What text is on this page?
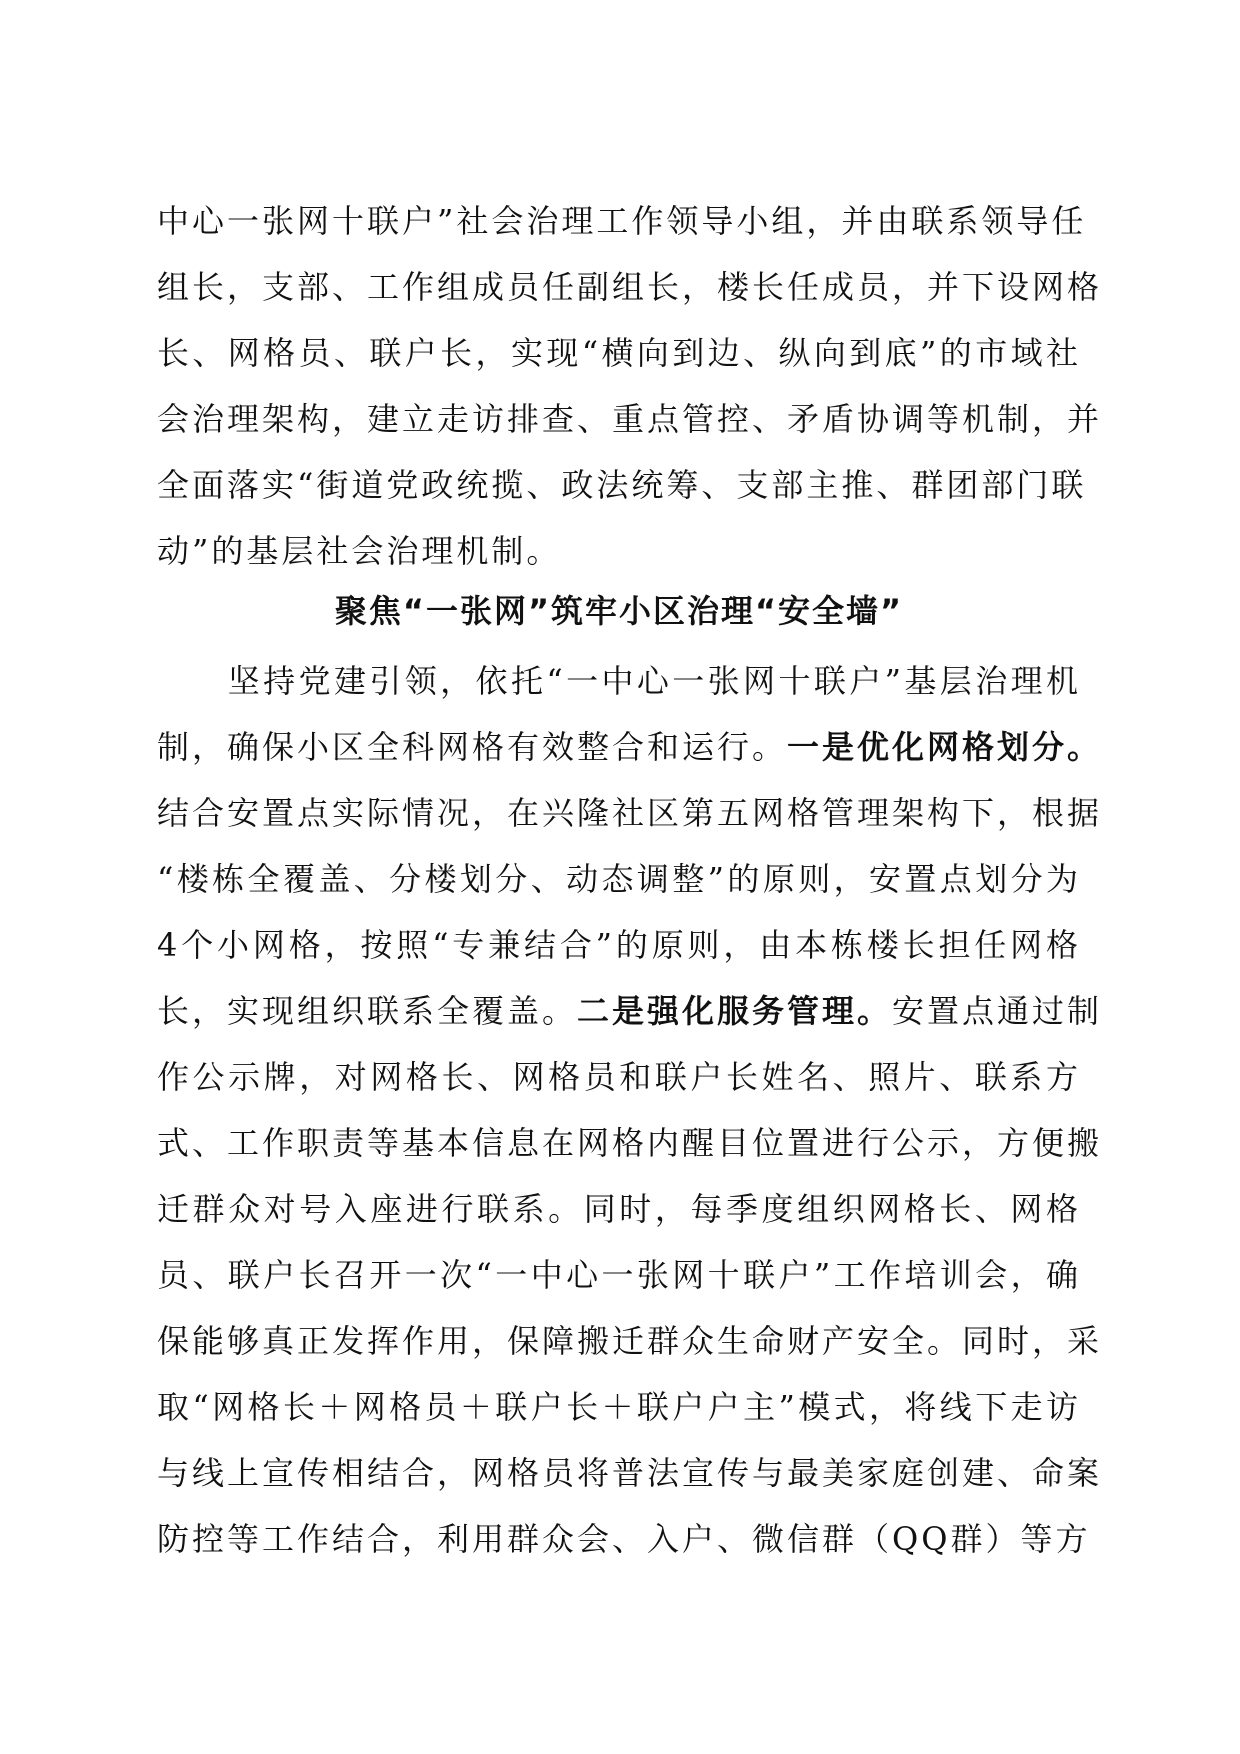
中心一张网十联户”社会治理工作领导小组，并由联系领导任
组长，支部、工作组成员任副组长，楼长任成员，并下设网格
长、网格员、联户长，实现“横向到边、纵向到底”的市域社
会治理架构，建立走访排查、重点管控、矛盾协调等机制，并
全面落实“街道党政统揽、政法统筹、支部主推、群团部门联
动”的基层社会治理机制。
聚焦“一张网”筑牢小区治理“安全墙”
　　坚持党建引领，依托“一中心一张网十联户”基层治理机
制，确保小区全科网格有效整合和运行。一是优化网格划分。
结合安置点实际情况，在兴隆社区第五网格管理架构下，根据
“楼栋全覆盖、分楼划分、动态调整”的原则，安置点划分为
4个小网格，按照“专兼结合”的原则，由本栋楼长担任网格
长，实现组织联系全覆盖。二是强化服务管理。安置点通过制
作公示牌，对网格长、网格员和联户长姓名、照片、联系方
式、工作职责等基本信息在网格内醒目位置进行公示，方便搬
迁群众对号入座进行联系。同时，每季度组织网格长、网格
员、联户长召开一次“一中心一张网十联户”工作培训会，确
保能够真正发挥作用，保障搬迁群众生命财产安全。同时，采
取“网格长＋网格员＋联户长＋联户户主”模式，将线下走访
与线上宣传相结合，网格员将普法宣传与最美家庭创建、命案
防控等工作结合，利用群众会、入户、微信群（QQ群）等方
